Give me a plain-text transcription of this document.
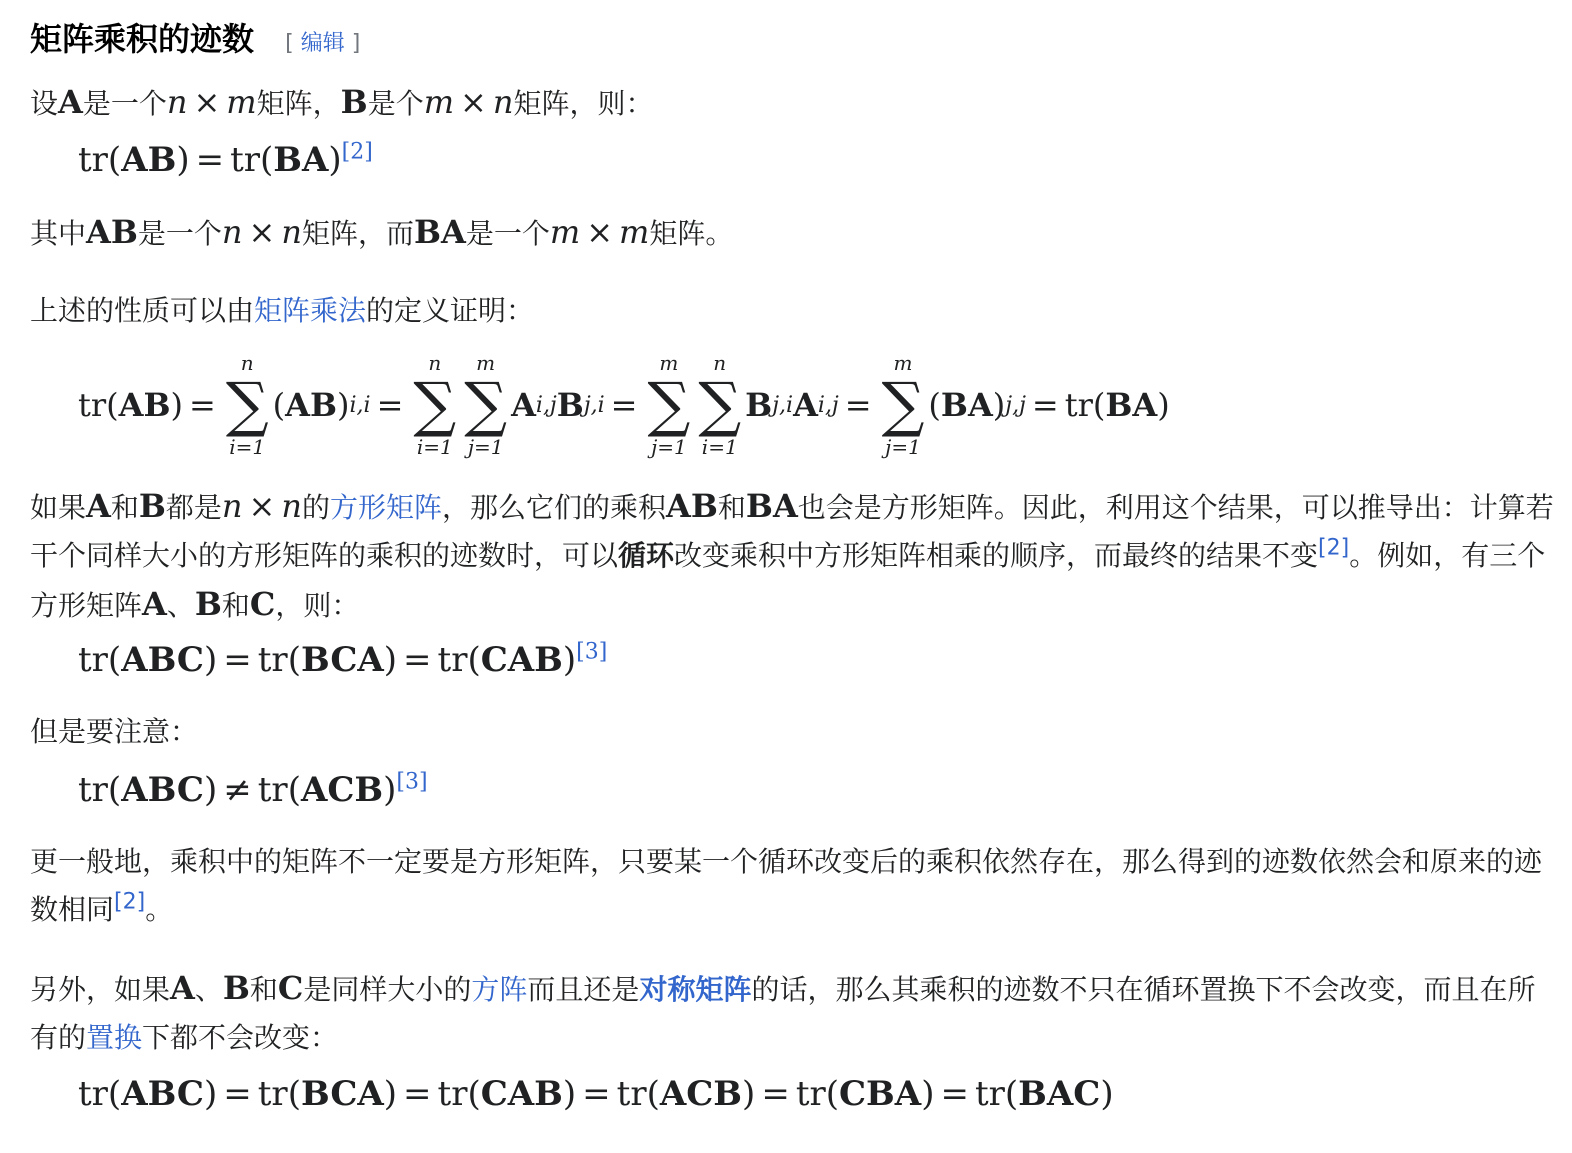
矩阵乘积的迹数 [ 编辑 ]
设A是一个n × m矩阵，B是个m × n矩阵，则：
tr(AB) = tr(BA)[2]
其中AB是一个n × n矩阵，而BA是一个m × m矩阵。
上述的性质可以由矩阵乘法的定义证明：
tr ( AB ) =
n
∑
i=1
( AB ) i,i =
n
∑
i=1
m
∑
j=1
A i,j B j,i =
m
∑
j=1
n
∑
i=1
B j,i A i,j =
m
∑
j=1
( BA ) j,j = tr ( BA )
如果A和B都是n × n的方形矩阵，那么它们的乘积AB和BA也会是方形矩阵。因此，利用这个结果，可以推导出：计算若干个同样大小的方形矩阵的乘积的迹数时，可以循环改变乘积中方形矩阵相乘的顺序，而最终的结果不变[2]。例如，有三个方形矩阵A、B和C，则：
tr(ABC) = tr(BCA) = tr(CAB)[3]
但是要注意：
tr(ABC) ≠ tr(ACB)[3]
更一般地，乘积中的矩阵不一定要是方形矩阵，只要某一个循环改变后的乘积依然存在，那么得到的迹数依然会和原来的迹数相同[2]。
另外，如果A、B和C是同样大小的方阵而且还是对称矩阵的话，那么其乘积的迹数不只在循环置换下不会改变，而且在所有的置换下都不会改变：
tr(ABC) = tr(BCA) = tr(CAB) = tr(ACB) = tr(CBA) = tr(BAC)
